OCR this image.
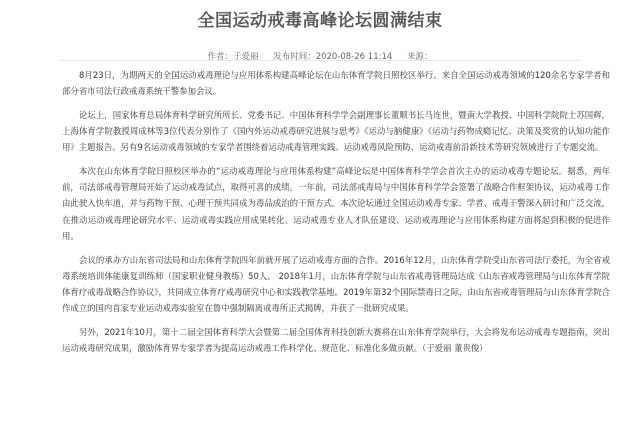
全国运动戒毒高峰论坛圆满结束
作者：于爱丽 发布时间：2020-08-26 11:14 来源：

8月23日，为期两天的全国运动戒毒理论与应用体系构建高峰论坛在山东体育学院日照校区举行。来自全国运动戒毒领域的120余名专家学者和部分省市司法行政戒毒系统干警参加会议。

论坛上，国家体育总局体育科学研究所所长、党委书记、中国体育科学学会副理事长董顺书长马连世，暨南大学教授、中国科学院院士苏国辉，上海体育学院教授周成林等3位代表分别作了《国内外运动戒毒研究进展与思考》《运动与脑健康》《运动与药物成瘾记忆、决策及奖赏的认知功能作用》主题报告。另有9名运动戒毒领域的专家学者围绕着运动戒毒管理实践、运动戒毒风险预防、运动戒毒前沿新技术等研究领域进行了专题交流。

本次在山东体育学院日照校区举办的“运动戒毒理论与应用体系构建”高峰论坛是中国体育科学学会首次主办的运动戒毒专题论坛。据悉，两年前，司法部戒毒管理局开始了运动戒毒试点，取得可喜的成绩。一年前，司法部戒毒局与中国体育科学学会签署了战略合作框架协议，运动戒毒工作由此驶入快车道，并与药物干预、心理干预共同成为毒品成治的干预方式。本次论坛通过全国运动戒毒专家、学者、戒毒干警深入研讨和广泛交流，在推动运动戒毒理论研究水平、运动戒毒实践应用成果转化、运动戒毒专业人才队伍建设、运动戒毒理论与应用体系构建方面将起到积极的促进作用。

会议的承办方山东省司法局和山东体育学院四年前就开展了运动戒毒方面的合作。2016年12月，山东体育学院受山东省司法厅委托，为全省戒毒系统培训体能康复训练师（国家职业健身教练）50人。 2018年1月，山东体育学院与山东省戒毒管理局达成《山东省戒毒管理局与山东体育学院体育疗戒毒战略合作协议》，共同成立体育疗戒毒研究中心和实践教学基地。2019年第32个国际禁毒日之际，由山东省戒毒管理局与山东体育学院合作成立的国内首家专业运动戒毒实验室在鲁中强制隔离戒毒所正式揭牌，并获了一批研究成果。

另外，2021年10月，第十二届全国体育科学大会暨第二届全国体育科技创新大赛将在山东体育学院举行，大会将发布运动戒毒专题指南，突出运动戒毒研究成果，激励体育界专家学者为提高运动戒毒工作科学化、规范化、标准化多做贡献。（于爱丽 董贵俊）
